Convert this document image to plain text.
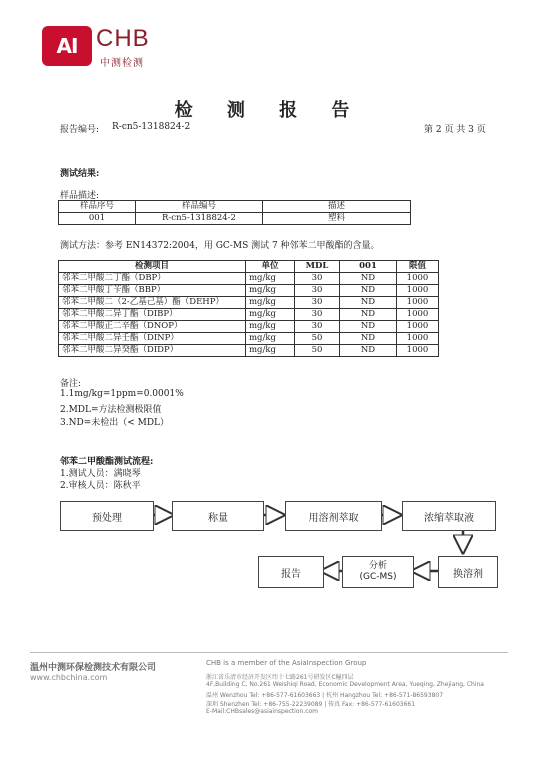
AI CHB
中测检测
检 测 报 告
报告编号: R-cn5-1318824-2	第 2 页 共 3 页
测试结果:
样品描述:
样品序号	样品编号	描述
001	R-cn5-1318824-2	塑料
测试方法：参考 EN14372:2004，用 GC-MS 测试 7 种邻苯二甲酸酯的含量。
检测项目	单位	MDL	001	限值
邻苯二甲酸二丁酯（DBP）	mg/kg	30	ND	1000
邻苯二甲酸丁苄酯（BBP）	mg/kg	30	ND	1000
邻苯二甲酸二（2-乙基己基）酯（DEHP）	mg/kg	30	ND	1000
邻苯二甲酸二异丁酯（DIBP）	mg/kg	30	ND	1000
邻苯二甲酸正二辛酯（DNOP）	mg/kg	30	ND	1000
邻苯二甲酸二异壬酯（DINP）	mg/kg	50	ND	1000
邻苯二甲酸二异癸酯（DIDP）	mg/kg	50	ND	1000
备注:
1.1mg/kg=1ppm=0.0001%
2.MDL=方法检测极限值
3.ND=未检出（< MDL）
邻苯二甲酸酯测试流程:
1.测试人员：满晓琴
2.审核人员：陈秋平
预处理	称量	用溶剂萃取	浓缩萃取液
换溶剂
分析
(GC-MS)
报告
温州中测环保检测技术有限公司
www.chbchina.com
CHB is a member of the AsiaInspection Group
浙江省乐清市经济开发区纬十七路261号研发区C幢四层
4F,Building C, No.261 Weishiqi Road, Economic Development Area, Yueqing, Zhejiang, China
温州 Wenzhou Tel: +86-577-61603663 | 杭州 Hangzhou Tel: +86-571-86593807
深圳 Shenzhen Tel: +86-755-22239089 | 传真 Fax: +86-577-61603661
E-Mail:CHBsales@asiainspection.com
